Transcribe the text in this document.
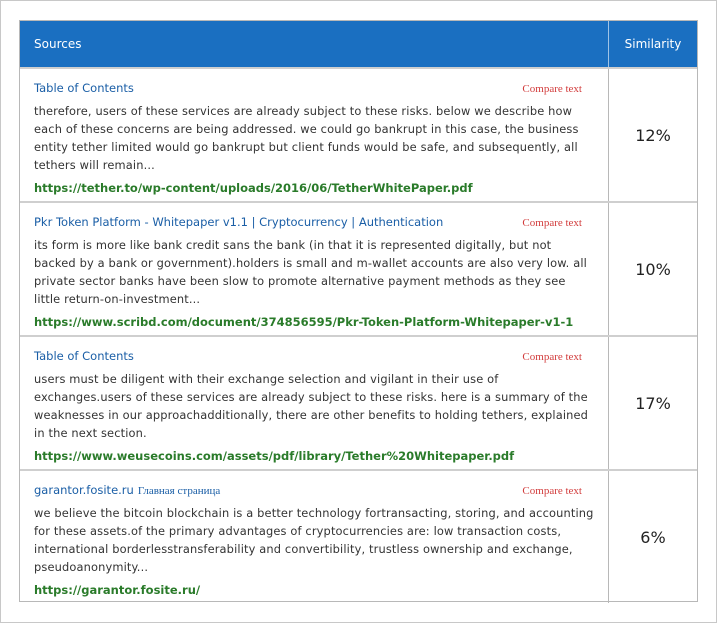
Sources	Similarity
Table of Contents	Compare text
therefore, users of these services are already subject to these risks. below we describe how each of these concerns are being addressed. we could go bankrupt in this case, the business entity tether limited would go bankrupt but client funds would be safe, and subsequently, all tethers will remain...
https://tether.to/wp-content/uploads/2016/06/TetherWhitePaper.pdf
12%
Pkr Token Platform - Whitepaper v1.1 | Cryptocurrency | Authentication	Compare text
its form is more like bank credit sans the bank (in that it is represented digitally, but not backed by a bank or government).holders is small and m-wallet accounts are also very low. all private sector banks have been slow to promote alternative payment methods as they see little return-on-investment...
https://www.scribd.com/document/374856595/Pkr-Token-Platform-Whitepaper-v1-1
10%
Table of Contents	Compare text
users must be diligent with their exchange selection and vigilant in their use of exchanges.users of these services are already subject to these risks. here is a summary of the weaknesses in our approachadditionally, there are other benefits to holding tethers, explained in the next section.
https://www.weusecoins.com/assets/pdf/library/Tether%20Whitepaper.pdf
17%
garantor.fosite.ru Главная страница	Compare text
we believe the bitcoin blockchain is a better technology fortransacting, storing, and accounting for these assets.of the primary advantages of cryptocurrencies are: low transaction costs, international borderlesstransferability and convertibility, trustless ownership and exchange, pseudoanonymity...
https://garantor.fosite.ru/
6%
